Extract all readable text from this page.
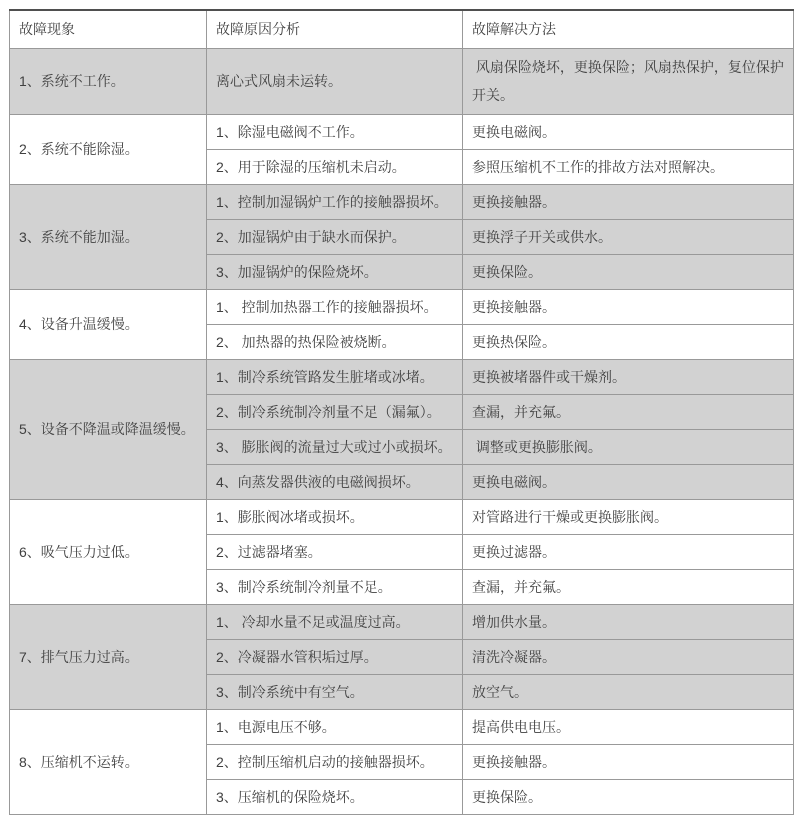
故障现象	故障原因分析	故障解决方法
1、系统不工作。	离心式风扇未运转。	风扇保险烧坏，更换保险；风扇热保护，复位保护开关。
2、系统不能除湿。	1、除湿电磁阀不工作。	更换电磁阀。
	2、用于除湿的压缩机未启动。	参照压缩机不工作的排故方法对照解决。
3、系统不能加湿。	1、控制加湿锅炉工作的接触器损坏。	更换接触器。
	2、加湿锅炉由于缺水而保护。	更换浮子开关或供水。
	3、加湿锅炉的保险烧坏。	更换保险。
4、设备升温缓慢。	1、 控制加热器工作的接触器损坏。	更换接触器。
	2、 加热器的热保险被烧断。	更换热保险。
5、设备不降温或降温缓慢。	1、制冷系统管路发生脏堵或冰堵。	更换被堵器件或干燥剂。
	2、制冷系统制冷剂量不足（漏氟）。	查漏，并充氟。
	3、 膨胀阀的流量过大或过小或损坏。	调整或更换膨胀阀。
	4、向蒸发器供液的电磁阀损坏。	更换电磁阀。
6、吸气压力过低。	1、膨胀阀冰堵或损坏。	对管路进行干燥或更换膨胀阀。
	2、过滤器堵塞。	更换过滤器。
	3、制冷系统制冷剂量不足。	查漏，并充氟。
7、排气压力过高。	1、 冷却水量不足或温度过高。	增加供水量。
	2、冷凝器水管积垢过厚。	清洗冷凝器。
	3、制冷系统中有空气。	放空气。
8、压缩机不运转。	1、电源电压不够。	提高供电电压。
	2、控制压缩机启动的接触器损坏。	更换接触器。
	3、压缩机的保险烧坏。	更换保险。
